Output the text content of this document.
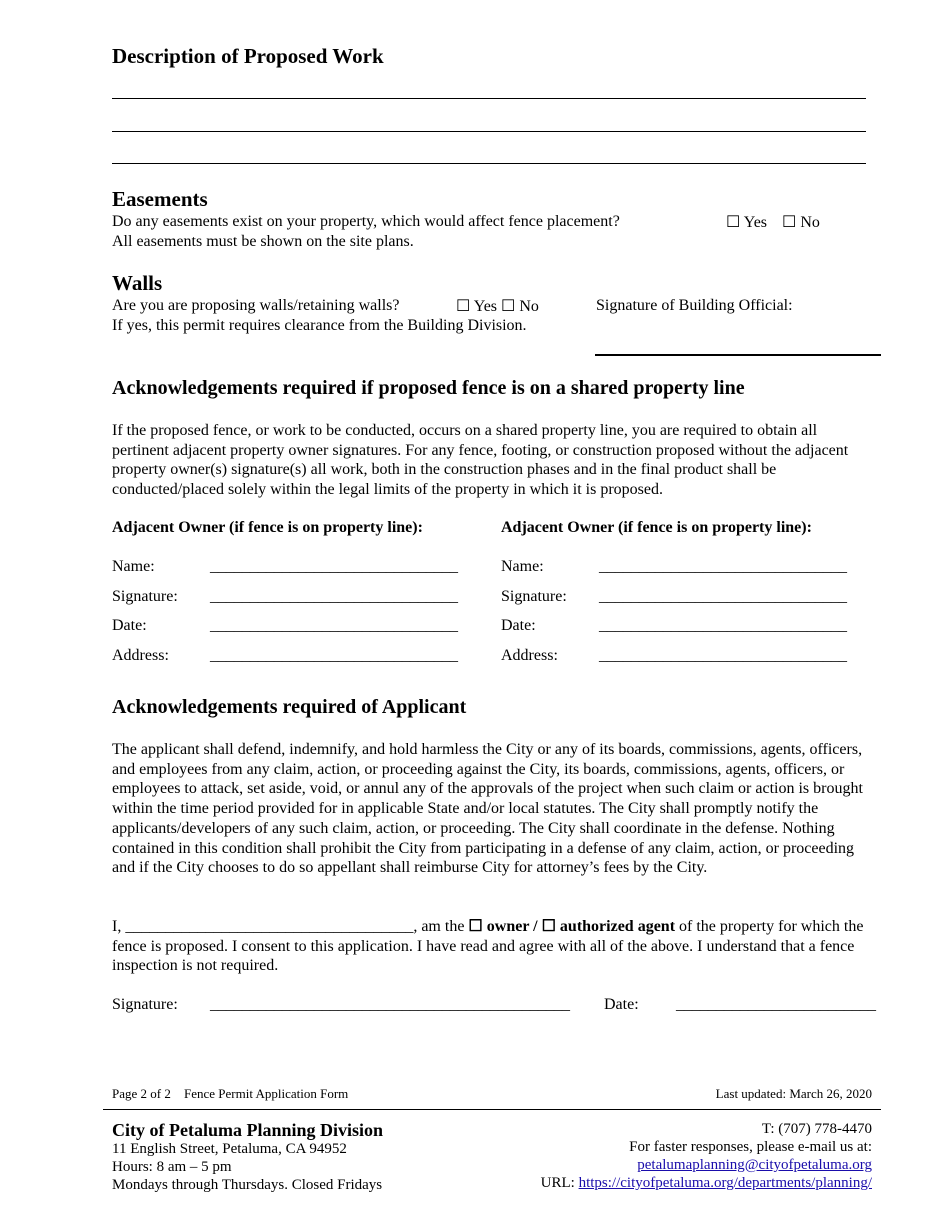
Description of Proposed Work
Easements
Do any easements exist on your property, which would affect fence placement?	☐ Yes ☐ No
All easements must be shown on the site plans.
Walls
Are you are proposing walls/retaining walls?	☐ Yes ☐ No
If yes, this permit requires clearance from the Building Division.
Signature of Building Official:
Acknowledgements required if proposed fence is on a shared property line
If the proposed fence, or work to be conducted, occurs on a shared property line, you are required to obtain all pertinent adjacent property owner signatures. For any fence, footing, or construction proposed without the adjacent property owner(s) signature(s) all work, both in the construction phases and in the final product shall be conducted/placed solely within the legal limits of the property in which it is proposed.
Adjacent Owner (if fence is on property line):	Adjacent Owner (if fence is on property line):
Name:	_______________________________
Signature: _______________________________
Date:	_______________________________
Address:	_______________________________
Name:	_______________________________
Signature: _______________________________
Date:	_______________________________
Address:	_______________________________
Acknowledgements required of Applicant
The applicant shall defend, indemnify, and hold harmless the City or any of its boards, commissions, agents, officers, and employees from any claim, action, or proceeding against the City, its boards, commissions, agents, officers, or employees to attack, set aside, void, or annul any of the approvals of the project when such claim or action is brought within the time period provided for in applicable State and/or local statutes. The City shall promptly notify the applicants/developers of any such claim, action, or proceeding. The City shall coordinate in the defense. Nothing contained in this condition shall prohibit the City from participating in a defense of any claim, action, or proceeding and if the City chooses to do so appellant shall reimburse City for attorney’s fees by the City.
I, ____________________________________, am the ☐ owner / ☐ authorized agent of the property for which the fence is proposed. I consent to this application. I have read and agree with all of the above. I understand that a fence inspection is not required.
Signature: _____________________________________________ Date: _________________________
Page 2 of 2 Fence Permit Application Form	Last updated: March 26, 2020
City of Petaluma Planning Division
11 English Street, Petaluma, CA 94952
Hours: 8 am – 5 pm
Mondays through Thursdays. Closed Fridays
T: (707) 778-4470
For faster responses, please e-mail us at:
petalumaplanning@cityofpetaluma.org
URL: https://cityofpetaluma.org/departments/planning/
